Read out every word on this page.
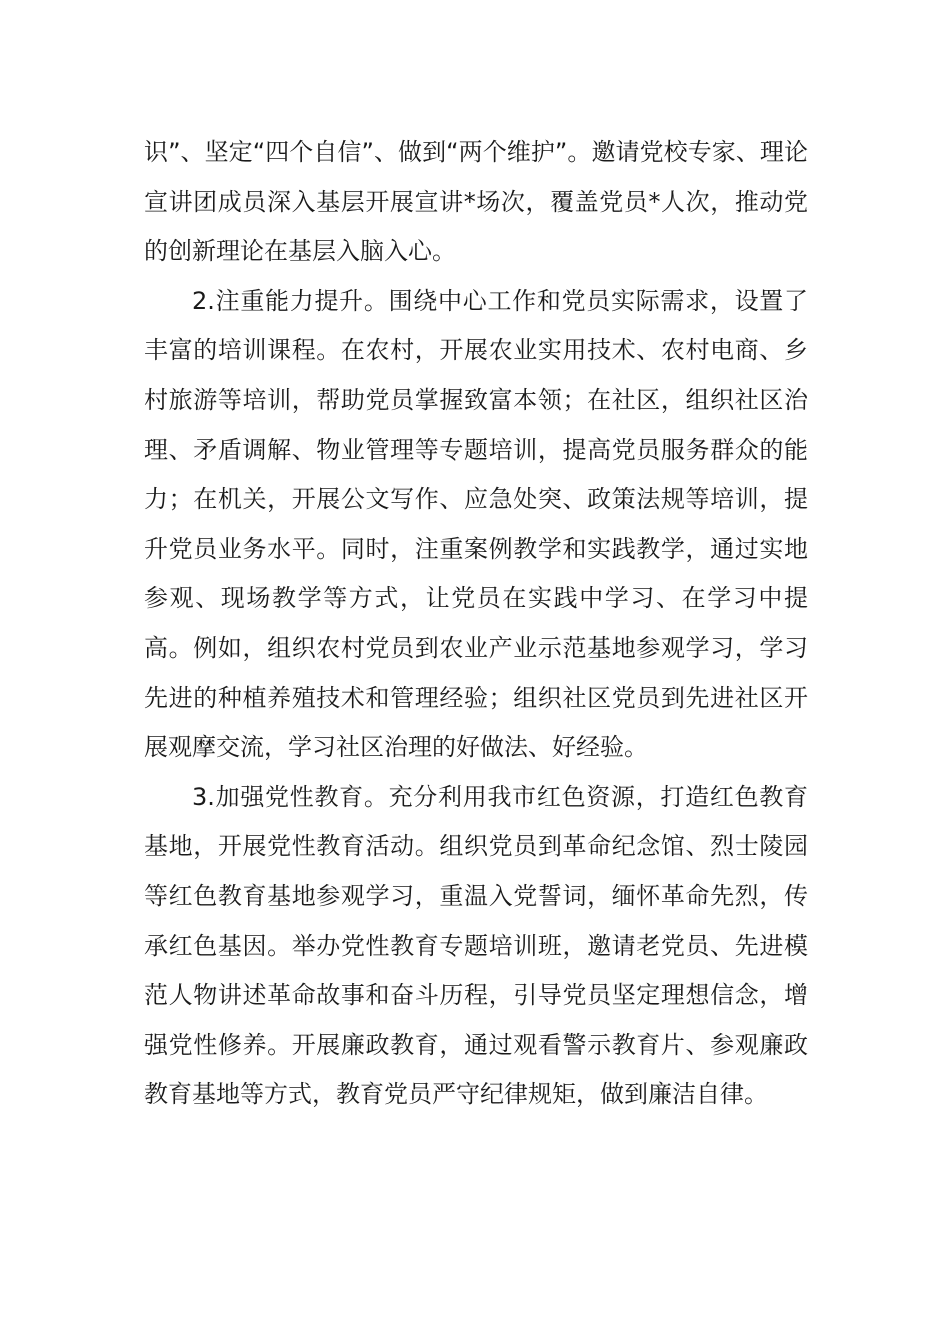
识”、坚定“四个自信”、做到“两个维护”。邀请党校专家、理论宣讲团成员深入基层开展宣讲*场次，覆盖党员*人次，推动党的创新理论在基层入脑入心。

2.注重能力提升。围绕中心工作和党员实际需求，设置了丰富的培训课程。在农村，开展农业实用技术、农村电商、乡村旅游等培训，帮助党员掌握致富本领；在社区，组织社区治理、矛盾调解、物业管理等专题培训，提高党员服务群众的能力；在机关，开展公文写作、应急处突、政策法规等培训，提升党员业务水平。同时，注重案例教学和实践教学，通过实地参观、现场教学等方式，让党员在实践中学习、在学习中提高。例如，组织农村党员到农业产业示范基地参观学习，学习先进的种植养殖技术和管理经验；组织社区党员到先进社区开展观摩交流，学习社区治理的好做法、好经验。

3.加强党性教育。充分利用我市红色资源，打造红色教育基地，开展党性教育活动。组织党员到革命纪念馆、烈士陵园等红色教育基地参观学习，重温入党誓词，缅怀革命先烈，传承红色基因。举办党性教育专题培训班，邀请老党员、先进模范人物讲述革命故事和奋斗历程，引导党员坚定理想信念，增强党性修养。开展廉政教育，通过观看警示教育片、参观廉政教育基地等方式，教育党员严守纪律规矩，做到廉洁自律。
